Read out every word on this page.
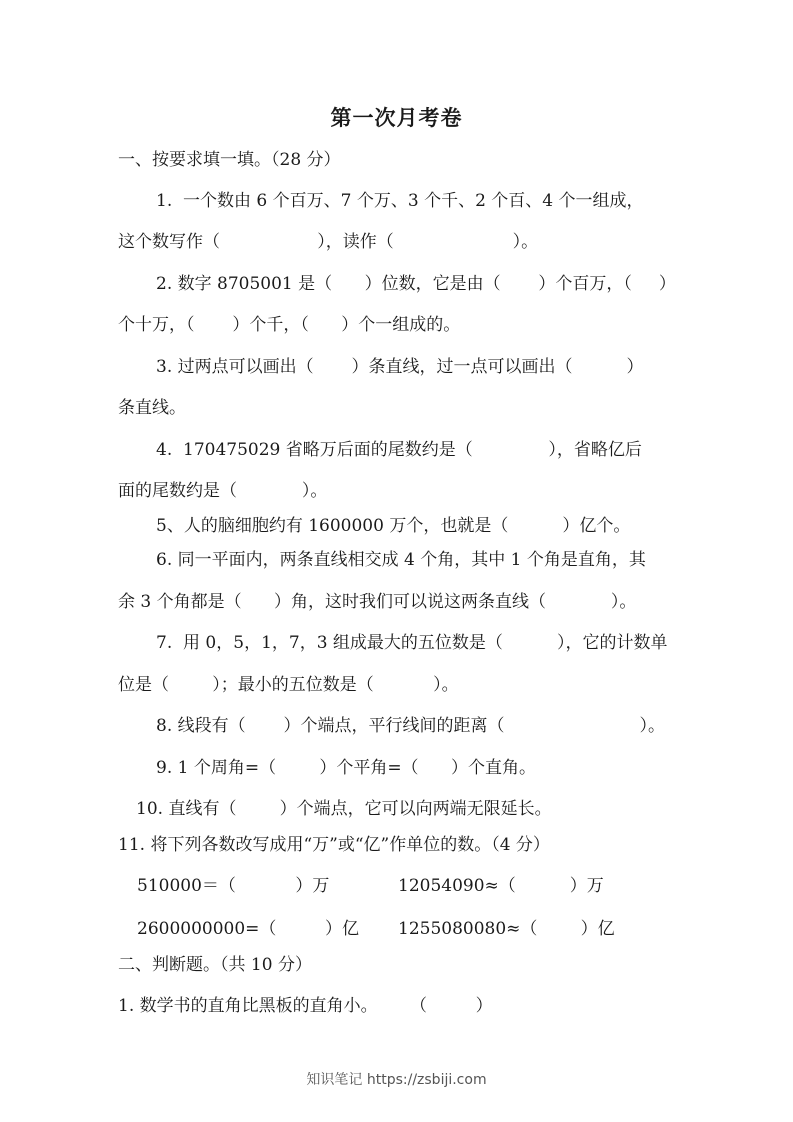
第一次月考卷
一、按要求填一填。（28 分）
1.  一个数由 6 个百万、7 个万、3 个千、2 个百、4 个一组成，
这个数写作（                  ），读作（                      ）。
2. 数字 8705001 是（      ）位数，它是由（       ）个百万，（     ）
个十万，（       ）个千，（      ）个一组成的。
3. 过两点可以画出（       ）条直线，过一点可以画出（          ）
条直线。
4.  170475029 省略万后面的尾数约是（              ），省略亿后
面的尾数约是（            ）。
5、人的脑细胞约有 1600000 万个，也就是（          ）亿个。
6. 同一平面内，两条直线相交成 4 个角，其中 1 个角是直角，其
余 3 个角都是（      ）角，这时我们可以说这两条直线（            ）。
7.  用 0，5，1，7，3 组成最大的五位数是（          ），它的计数单
位是（        ）；最小的五位数是（           ）。
8. 线段有（       ）个端点，平行线间的距离（                         ）。
9. 1 个周角=（        ）个平角=（      ）个直角。
10. 直线有（        ）个端点，它可以向两端无限延长。
11. 将下列各数改写成用“万”或“亿”作单位的数。（4 分）
510000＝（           ）万	12054090≈（          ）万
2600000000=（         ）亿 1255080080≈（        ）亿
二、判断题。（共 10 分）
1. 数学书的直角比黑板的直角小。      （         ）
知识笔记 https://zsbiji.com
